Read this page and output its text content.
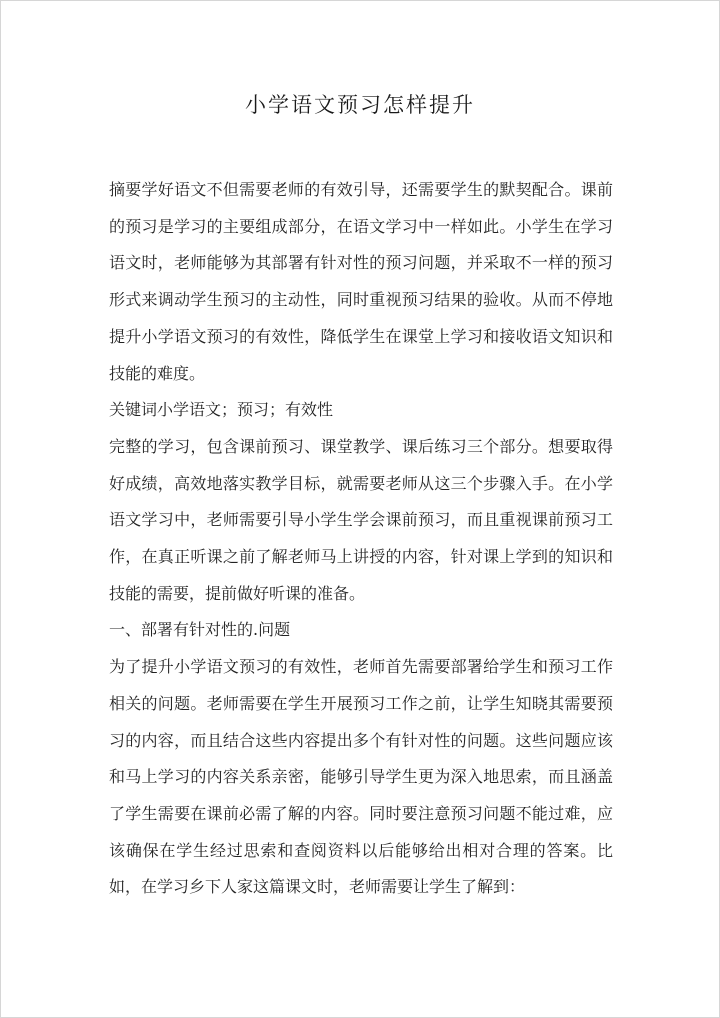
小学语文预习怎样提升

摘要学好语文不但需要老师的有效引导，还需要学生的默契配合。课前的预习是学习的主要组成部分，在语文学习中一样如此。小学生在学习语文时，老师能够为其部署有针对性的预习问题，并采取不一样的预习形式来调动学生预习的主动性，同时重视预习结果的验收。从而不停地提升小学语文预习的有效性，降低学生在课堂上学习和接收语文知识和技能的难度。

关键词小学语文；预习；有效性

完整的学习，包含课前预习、课堂教学、课后练习三个部分。想要取得好成绩，高效地落实教学目标，就需要老师从这三个步骤入手。在小学语文学习中，老师需要引导小学生学会课前预习，而且重视课前预习工作，在真正听课之前了解老师马上讲授的内容，针对课上学到的知识和技能的需要，提前做好听课的准备。

一、部署有针对性的.问题

为了提升小学语文预习的有效性，老师首先需要部署给学生和预习工作相关的问题。老师需要在学生开展预习工作之前，让学生知晓其需要预习的内容，而且结合这些内容提出多个有针对性的问题。这些问题应该和马上学习的内容关系亲密，能够引导学生更为深入地思索，而且涵盖了学生需要在课前必需了解的内容。同时要注意预习问题不能过难，应该确保在学生经过思索和查阅资料以后能够给出相对合理的答案。比如，在学习乡下人家这篇课文时，老师需要让学生了解到：
